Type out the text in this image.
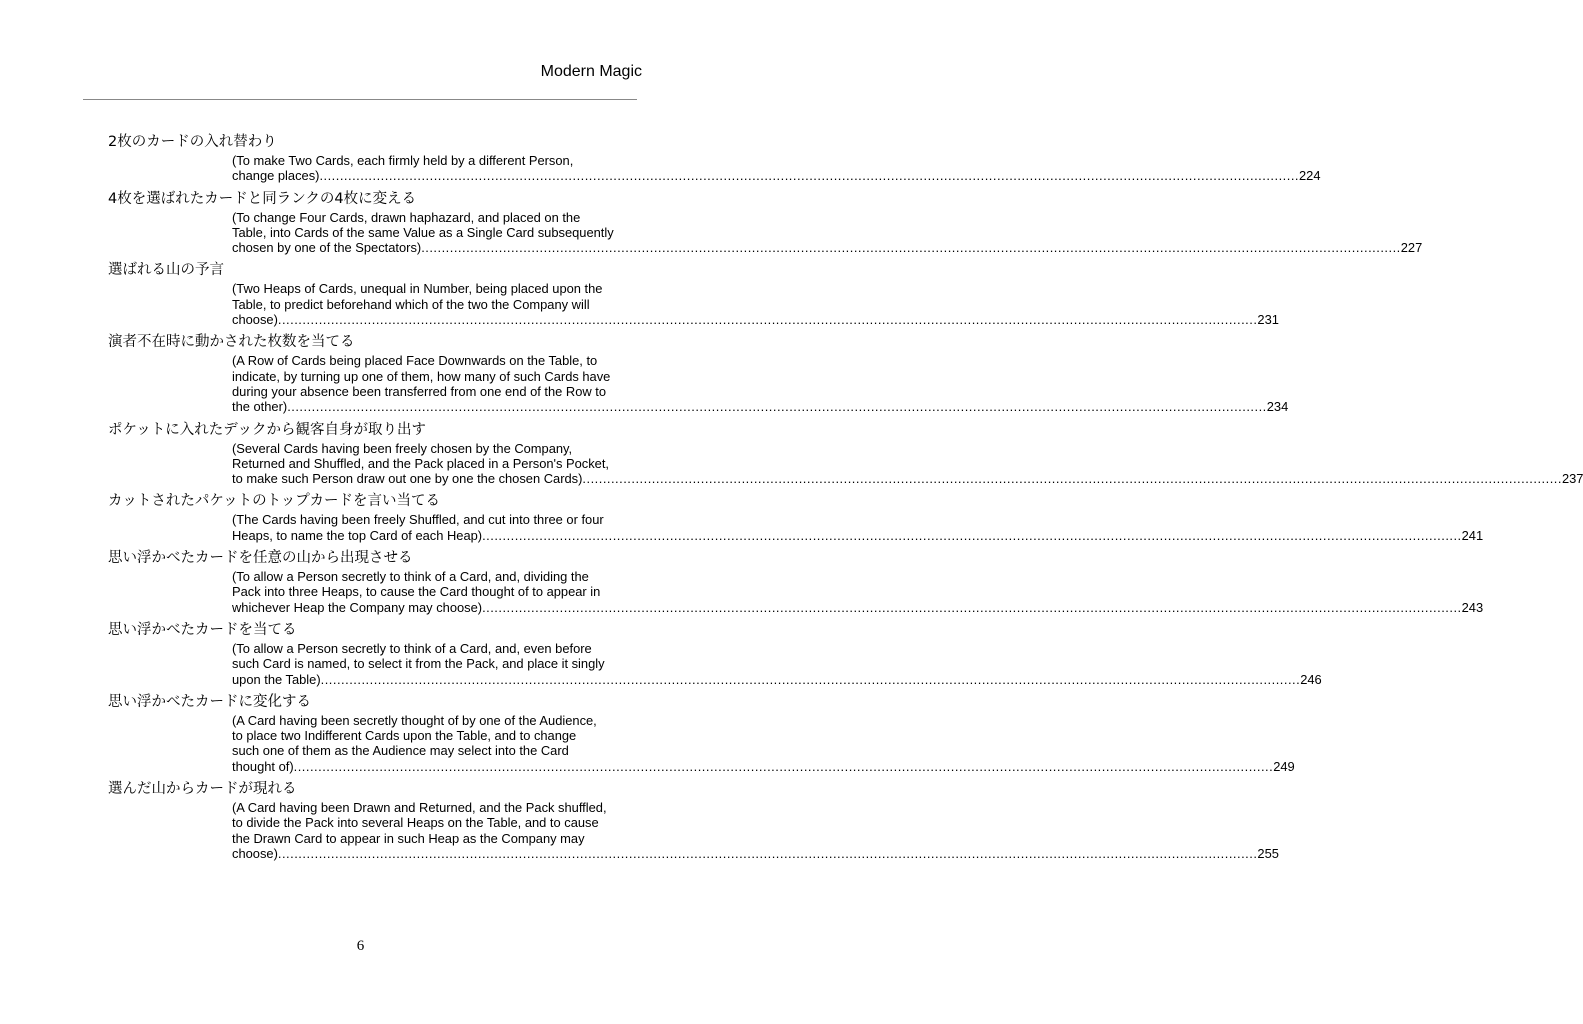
Modern Magic
2枚のカードの入れ替わり
(To make Two Cards, each firmly held by a different Person,
change places) ................................................................................................................................................................................................................................................ 224
4枚を選ばれたカードと同ランクの4枚に変える
(To change Four Cards, drawn haphazard, and placed on the
Table, into Cards of the same Value as a Single Card subsequently
chosen by one of the Spectators) ................................................................................................................................................................................................................................................ 227
選ばれる山の予言
(Two Heaps of Cards, unequal in Number, being placed upon the
Table, to predict beforehand which of the two the Company will
choose) ................................................................................................................................................................................................................................................ 231
演者不在時に動かされた枚数を当てる
(A Row of Cards being placed Face Downwards on the Table, to
indicate, by turning up one of them, how many of such Cards have
during your absence been transferred from one end of the Row to
the other) ................................................................................................................................................................................................................................................ 234
ポケットに入れたデックから観客自身が取り出す
(Several Cards having been freely chosen by the Company,
Returned and Shuffled, and the Pack placed in a Person's Pocket,
to make such Person draw out one by one the chosen Cards) ................................................................................................................................................................................................................................................ 237
カットされたパケットのトップカードを言い当てる
(The Cards having been freely Shuffled, and cut into three or four
Heaps, to name the top Card of each Heap) ................................................................................................................................................................................................................................................ 241
思い浮かべたカードを任意の山から出現させる
(To allow a Person secretly to think of a Card, and, dividing the
Pack into three Heaps, to cause the Card thought of to appear in
whichever Heap the Company may choose) ................................................................................................................................................................................................................................................ 243
思い浮かべたカードを当てる
(To allow a Person secretly to think of a Card, and, even before
such Card is named, to select it from the Pack, and place it singly
upon the Table) ................................................................................................................................................................................................................................................ 246
思い浮かべたカードに変化する
(A Card having been secretly thought of by one of the Audience,
to place two Indifferent Cards upon the Table, and to change
such one of them as the Audience may select into the Card
thought of) ................................................................................................................................................................................................................................................ 249
選んだ山からカードが現れる
(A Card having been Drawn and Returned, and the Pack shuffled,
to divide the Pack into several Heaps on the Table, and to cause
the Drawn Card to appear in such Heap as the Company may
choose) ................................................................................................................................................................................................................................................ 255
6
